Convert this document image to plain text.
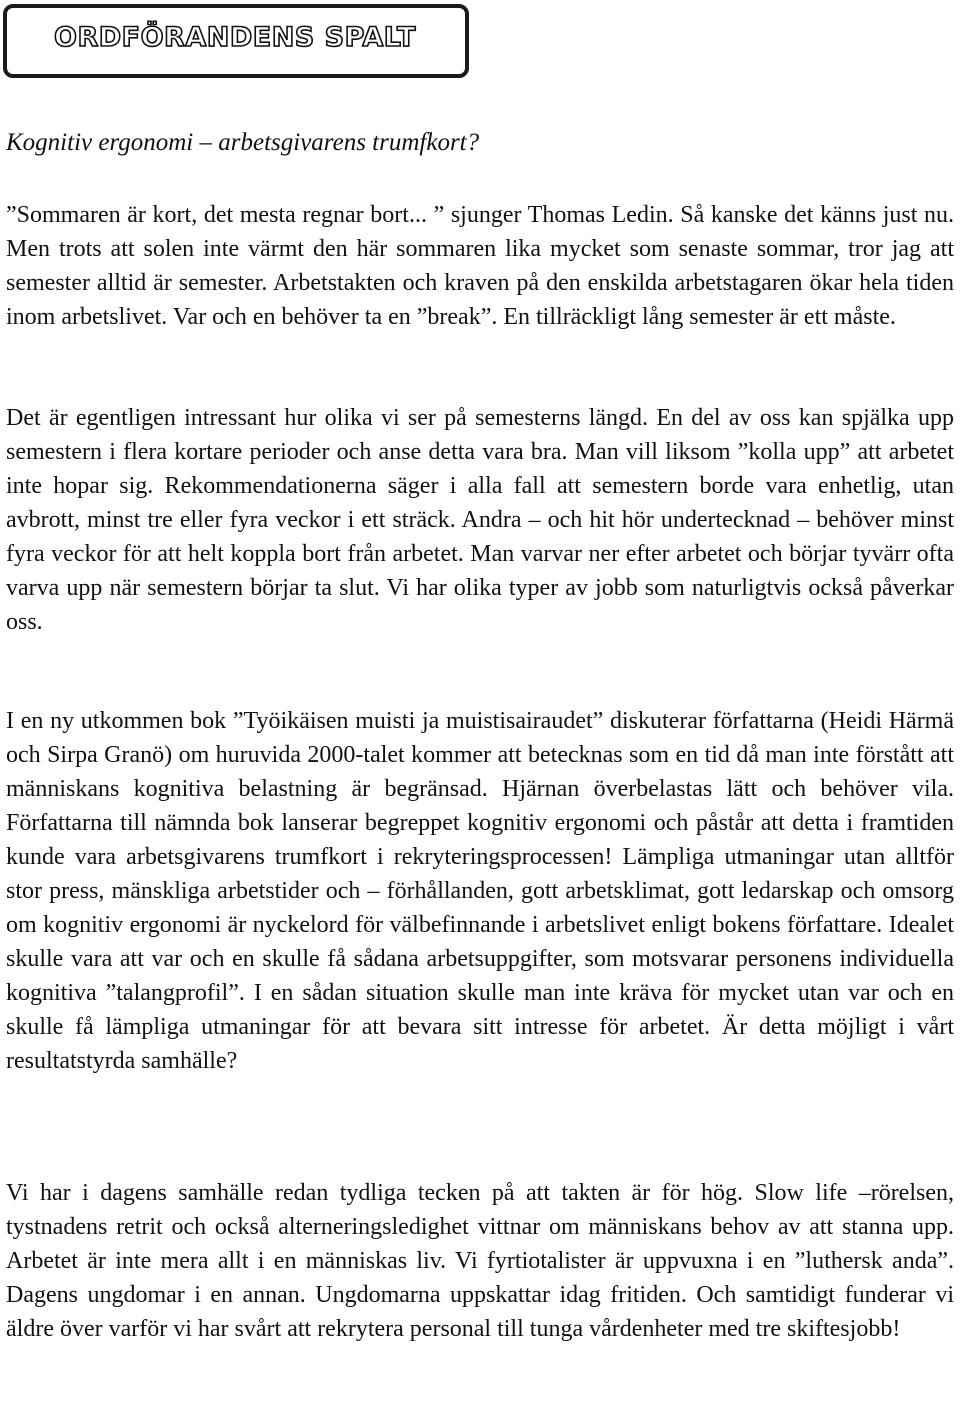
ORDFÖRANDENS SPALT
Kognitiv ergonomi – arbetsgivarens trumfkort?

”Sommaren är kort, det mesta regnar bort... ” sjunger Thomas Ledin. Så kanske det känns just nu. Men trots att solen inte värmt den här sommaren lika mycket som senaste sommar, tror jag att semester alltid är semester. Arbetstakten och kraven på den enskilda arbetstagaren ökar hela tiden inom arbetslivet. Var och en behöver ta en ”break”. En tillräckligt lång semester är ett måste.

Det är egentligen intressant hur olika vi ser på semesterns längd. En del av oss kan spjälka upp semestern i flera kortare perioder och anse detta vara bra. Man vill liksom ”kolla upp” att arbetet inte hopar sig. Rekommendationerna säger i alla fall att semestern borde vara enhetlig, utan avbrott, minst tre eller fyra veckor i ett sträck. Andra – och hit hör undertecknad – behöver minst fyra veckor för att helt koppla bort från arbetet. Man varvar ner efter arbetet och börjar tyvärr ofta varva upp när semestern börjar ta slut. Vi har olika typer av jobb som naturligtvis också påverkar oss.

I en ny utkommen bok ”Työikäisen muisti ja muistisairaudet” diskuterar författarna (Heidi Härmä och Sirpa Granö) om huruvida 2000-talet kommer att betecknas som en tid då man inte förstått att människans kognitiva belastning är begränsad. Hjärnan överbelastas lätt och behöver vila. Författarna till nämnda bok lanserar begreppet kognitiv ergonomi och påstår att detta i framtiden kunde vara arbetsgivarens trumfkort i rekryteringsprocessen! Lämpliga utmaningar utan alltför stor press, mänskliga arbetstider och – förhållanden, gott arbetsklimat, gott ledarskap och omsorg om kognitiv ergonomi är nyckelord för välbefinnande i arbetslivet enligt bokens författare. Idealet skulle vara att var och en skulle få sådana arbetsuppgifter, som motsvarar personens individuella kognitiva ”talangprofil”. I en sådan situation skulle man inte kräva för mycket utan var och en skulle få lämpliga utmaningar för att bevara sitt intresse för arbetet. Är detta möjligt i vårt resultatstyrda samhälle?

Vi har i dagens samhälle redan tydliga tecken på att takten är för hög. Slow life –rörelsen, tystnadens retrit och också alterneringsledighet vittnar om människans behov av att stanna upp. Arbetet är inte mera allt i en människas liv. Vi fyrtiotalister är uppvuxna i en ”luthersk anda”. Dagens ungdomar i en annan. Ungdomarna uppskattar idag fritiden. Och samtidigt funderar vi äldre över varför vi har svårt att rekrytera personal till tunga vårdenheter med tre skiftesjobb!
